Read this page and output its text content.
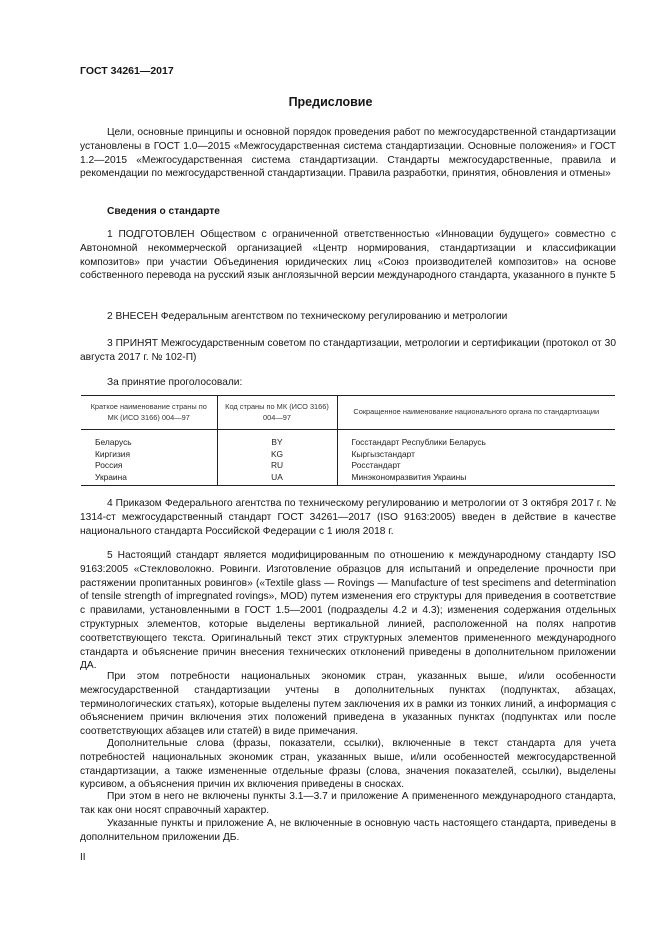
ГОСТ 34261—2017
Предисловие

Цели, основные принципы и основной порядок проведения работ по межгосударственной стандартизации установлены в ГОСТ 1.0—2015 «Межгосударственная система стандартизации. Основные положения» и ГОСТ 1.2—2015 «Межгосударственная система стандартизации. Стандарты межгосударственные, правила и рекомендации по межгосударственной стандартизации. Правила разработки, принятия, обновления и отмены»

Сведения о стандарте

1 ПОДГОТОВЛЕН Обществом с ограниченной ответственностью «Инновации будущего» совместно с Автономной некоммерческой организацией «Центр нормирования, стандартизации и классификации композитов» при участии Объединения юридических лиц «Союз производителей композитов» на основе собственного перевода на русский язык англоязычной версии международного стандарта, указанного в пункте 5

2 ВНЕСЕН Федеральным агентством по техническому регулированию и метрологии

3 ПРИНЯТ Межгосударственным советом по стандартизации, метрологии и сертификации (протокол от 30 августа 2017 г. № 102-П)

За принятие проголосовали:
Краткое наименование страны по МК (ИСО 3166) 004—97	Код страны по МК (ИСО 3166) 004—97	Сокращенное наименование национального органа по стандартизации
Беларусь	BY	Госстандарт Республики Беларусь
Киргизия	KG	Кыргызстандарт
Россия	RU	Росстандарт
Украина	UA	Минэкономразвития Украины

4 Приказом Федерального агентства по техническому регулированию и метрологии от 3 октября 2017 г. № 1314-ст межгосударственный стандарт ГОСТ 34261—2017 (ISO 9163:2005) введен в действие в качестве национального стандарта Российской Федерации с 1 июля 2018 г.

5 Настоящий стандарт является модифицированным по отношению к международному стандарту ISO 9163:2005 «Стекловолокно. Ровинги. Изготовление образцов для испытаний и определение прочности при растяжении пропитанных ровингов» («Textile glass — Rovings — Manufacture of test specimens and determination of tensile strength of impregnated rovings», MOD) путем изменения его структуры для приведения в соответствие с правилами, установленными в ГОСТ 1.5—2001 (подразделы 4.2 и 4.3); изменения содержания отдельных структурных элементов, которые выделены вертикальной линией, расположенной на полях напротив соответствующего текста. Оригинальный текст этих структурных элементов примененного международного стандарта и объяснение причин внесения технических отклонений приведены в дополнительном приложении ДА.

При этом потребности национальных экономик стран, указанных выше, и/или особенности межгосударственной стандартизации учтены в дополнительных пунктах (подпунктах, абзацах, терминологических статьях), которые выделены путем заключения их в рамки из тонких линий, а информация с объяснением причин включения этих положений приведена в указанных пунктах (подпунктах или после соответствующих абзацев или статей) в виде примечания.

Дополнительные слова (фразы, показатели, ссылки), включенные в текст стандарта для учета потребностей национальных экономик стран, указанных выше, и/или особенностей межгосударственной стандартизации, а также измененные отдельные фразы (слова, значения показателей, ссылки), выделены курсивом, а объяснения причин их включения приведены в сносках.

При этом в него не включены пункты 3.1—3.7 и приложение А примененного международного стандарта, так как они носят справочный характер.

Указанные пункты и приложение А, не включенные в основную часть настоящего стандарта, приведены в дополнительном приложении ДБ.

II
